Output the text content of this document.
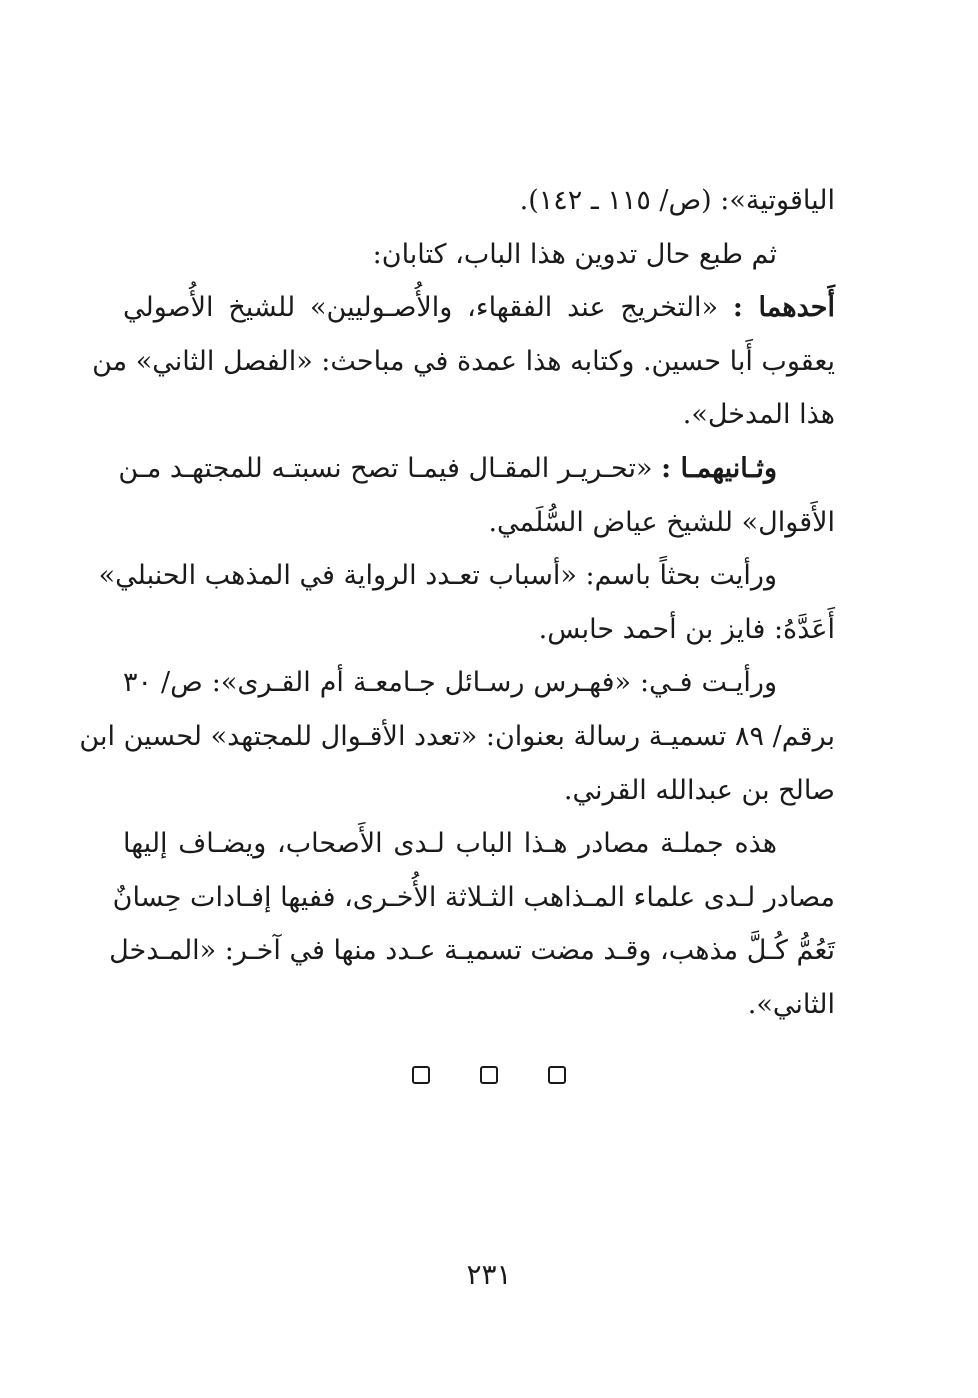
الياقوتية»: (ص/ ١١٥ ـ ١٤٢).
ثم طبع حال تدوين هذا الباب، كتابان:
أَحدهما : «التخريج عند الفقهاء، والأُصـوليين» للشيخ الأُصولي
يعقوب أَبا حسين. وكتابه هذا عمدة في مباحث: «الفصل الثاني» من
هذا المدخل».
وثـانيهمـا : «تحـريـر المقـال فيمـا تصح نسبتـه للمجتهـد مـن
الأَقوال» للشيخ عياض السُّلَمي.
ورأيت بحثاً باسم: «أسباب تعـدد الرواية في المذهب الحنبلي»
أَعَدَّهُ: فايز بن أحمد حابس.
ورأيـت فـي: «فهـرس رسـائل جـامعـة أم القـرى»: ص/ ٣٠
برقم/ ٨٩ تسميـة رسالة بعنوان: «تعدد الأقـوال للمجتهد» لحسين ابن
صالح بن عبدالله القرني.
هذه جملـة مصادر هـذا الباب لـدى الأَصحاب، ويضـاف إليها
مصادر لـدى علماء المـذاهب الثـلاثة الأُخـرى، ففيها إفـادات حِسانٌ
تَعُمُّ كُـلَّ مذهب، وقـد مضت تسميـة عـدد منها في آخـر: «المـدخل
الثاني».
٢٣١
